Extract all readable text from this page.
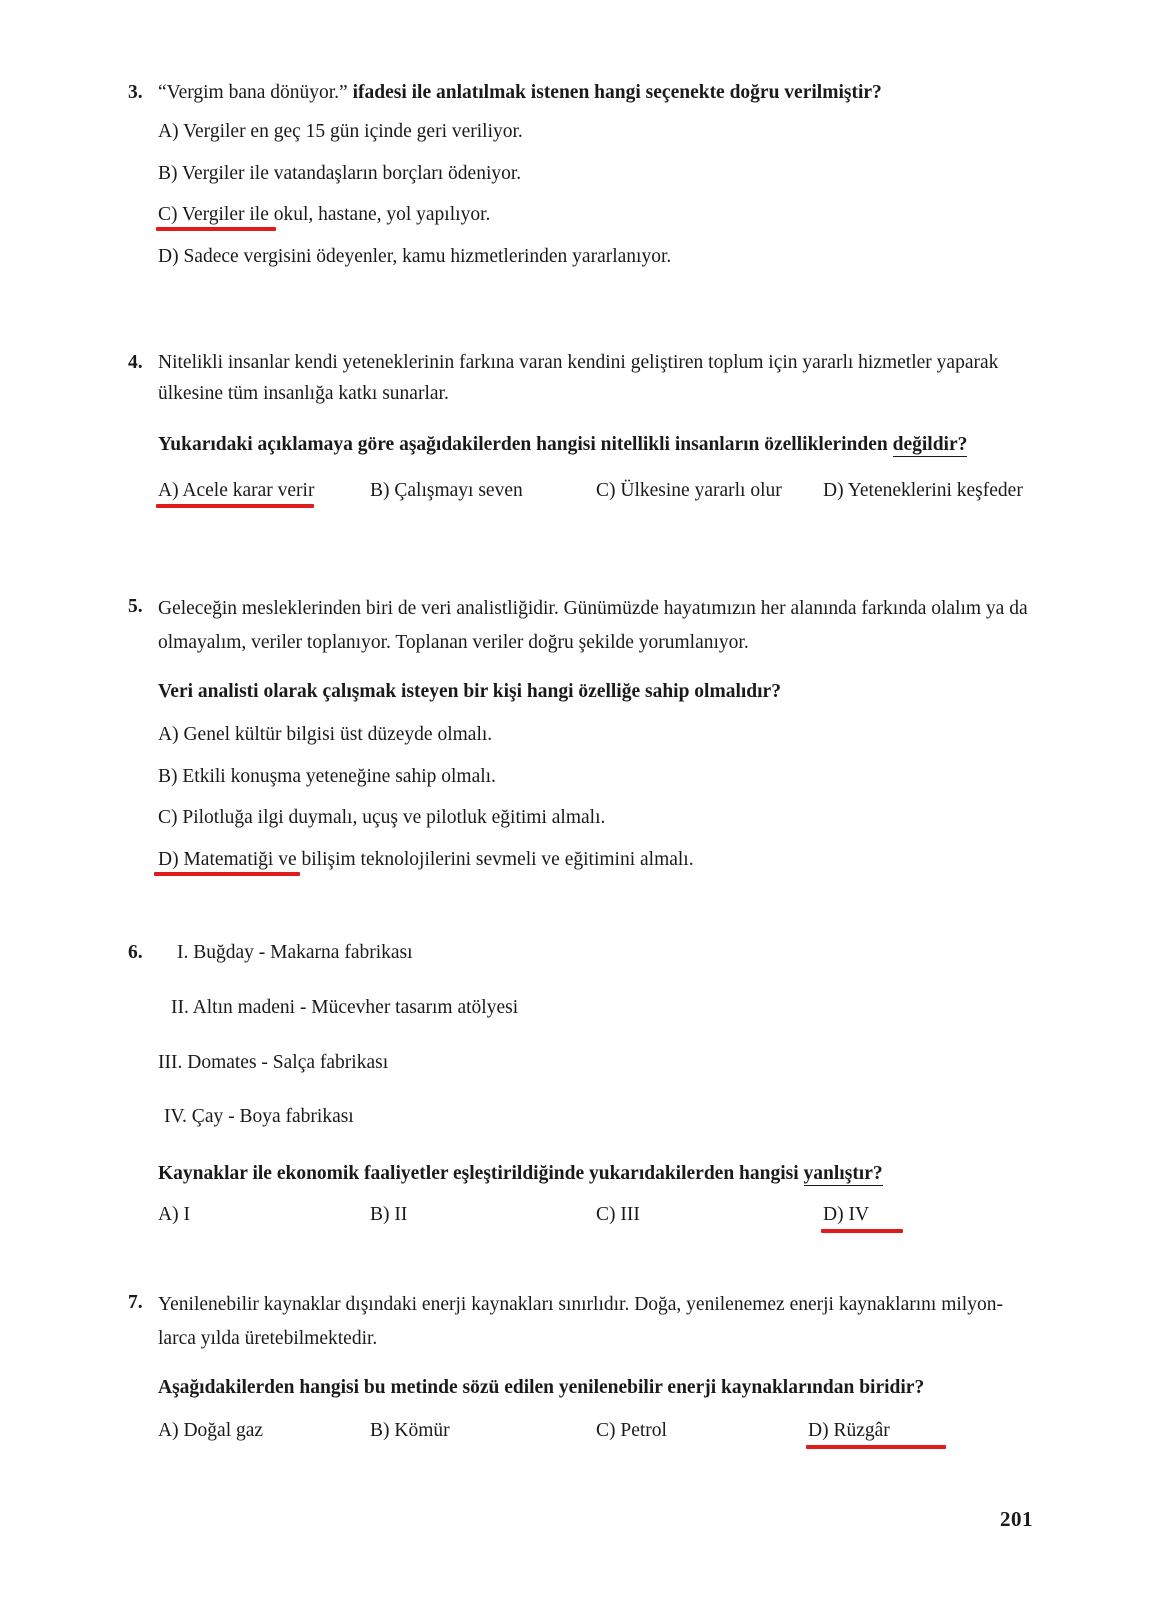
3. “Vergim bana dönüyor.” ifadesi ile anlatılmak istenen hangi seçenekte doğru verilmiştir?
A) Vergiler en geç 15 gün içinde geri veriliyor.
B) Vergiler ile vatandaşların borçları ödeniyor.
C) Vergiler ile okul, hastane, yol yapılıyor.
D) Sadece vergisini ödeyenler, kamu hizmetlerinden yararlanıyor.
4. Nitelikli insanlar kendi yeteneklerinin farkına varan kendini geliştiren toplum için yararlı hizmetler yaparak ülkesine tüm insanlığa katkı sunarlar.
Yukarıdaki açıklamaya göre aşağıdakilerden hangisi nitellikli insanların özelliklerinden değildir?
A) Acele karar verir	B) Çalışmayı seven	C) Ülkesine yararlı olur D) Yeteneklerini keşfeder
5. Geleceğin mesleklerinden biri de veri analistliğidir. Günümüzde hayatımızın her alanında farkında olalım ya da olmayalım, veriler toplanıyor. Toplanan veriler doğru şekilde yorumlanıyor.
Veri analisti olarak çalışmak isteyen bir kişi hangi özelliğe sahip olmalıdır?
A) Genel kültür bilgisi üst düzeyde olmalı.
B) Etkili konuşma yeteneğine sahip olmalı.
C) Pilotluğa ilgi duymalı, uçuş ve pilotluk eğitimi almalı.
D) Matematiği ve bilişim teknolojilerini sevmeli ve eğitimini almalı.
6.	I. Buğday - Makarna fabrikası
II. Altın madeni - Mücevher tasarım atölyesi
III. Domates - Salça fabrikası
IV. Çay - Boya fabrikası
Kaynaklar ile ekonomik faaliyetler eşleştirildiğinde yukarıdakilerden hangisi yanlıştır?
A) I	B) II	C) III	D) IV
7. Yenilenebilir kaynaklar dışındaki enerji kaynakları sınırlıdır. Doğa, yenilenemez enerji kaynaklarını milyon-
larca yılda üretebilmektedir.
Aşağıdakilerden hangisi bu metinde sözü edilen yenilenebilir enerji kaynaklarından biridir?
A) Doğal gaz	B) Kömür	C) Petrol	D) Rüzgâr
201
